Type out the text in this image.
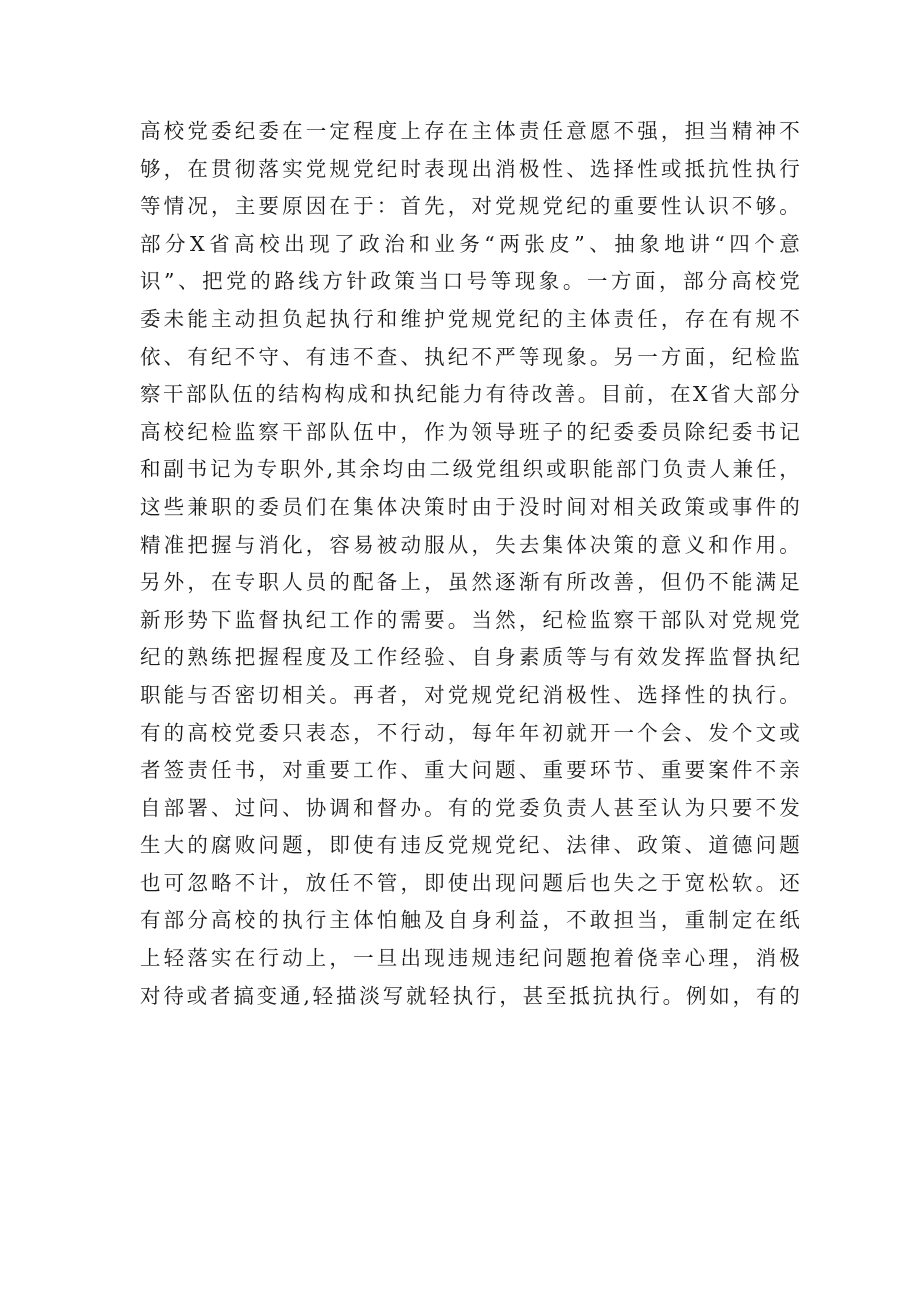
高校党委纪委在一定程度上存在主体责任意愿不强，担当精神不
够，在贯彻落实党规党纪时表现出消极性、选择性或抵抗性执行
等情况，主要原因在于：首先，对党规党纪的重要性认识不够。
部分X省高校出现了政治和业务“两张皮”、抽象地讲“四个意
识”、把党的路线方针政策当口号等现象。一方面，部分高校党
委未能主动担负起执行和维护党规党纪的主体责任，存在有规不
依、有纪不守、有违不查、执纪不严等现象。另一方面，纪检监
察干部队伍的结构构成和执纪能力有待改善。目前，在X省大部分
高校纪检监察干部队伍中，作为领导班子的纪委委员除纪委书记
和副书记为专职外,其余均由二级党组织或职能部门负责人兼任，
这些兼职的委员们在集体决策时由于没时间对相关政策或事件的
精准把握与消化，容易被动服从，失去集体决策的意义和作用。
另外，在专职人员的配备上，虽然逐渐有所改善，但仍不能满足
新形势下监督执纪工作的需要。当然，纪检监察干部队对党规党
纪的熟练把握程度及工作经验、自身素质等与有效发挥监督执纪
职能与否密切相关。再者，对党规党纪消极性、选择性的执行。
有的高校党委只表态，不行动，每年年初就开一个会、发个文或
者签责任书，对重要工作、重大问题、重要环节、重要案件不亲
自部署、过问、协调和督办。有的党委负责人甚至认为只要不发
生大的腐败问题，即使有违反党规党纪、法律、政策、道德问题
也可忽略不计，放任不管，即使出现问题后也失之于宽松软。还
有部分高校的执行主体怕触及自身利益，不敢担当，重制定在纸
上轻落实在行动上，一旦出现违规违纪问题抱着侥幸心理，消极
对待或者搞变通,轻描淡写就轻执行，甚至抵抗执行。例如，有的
